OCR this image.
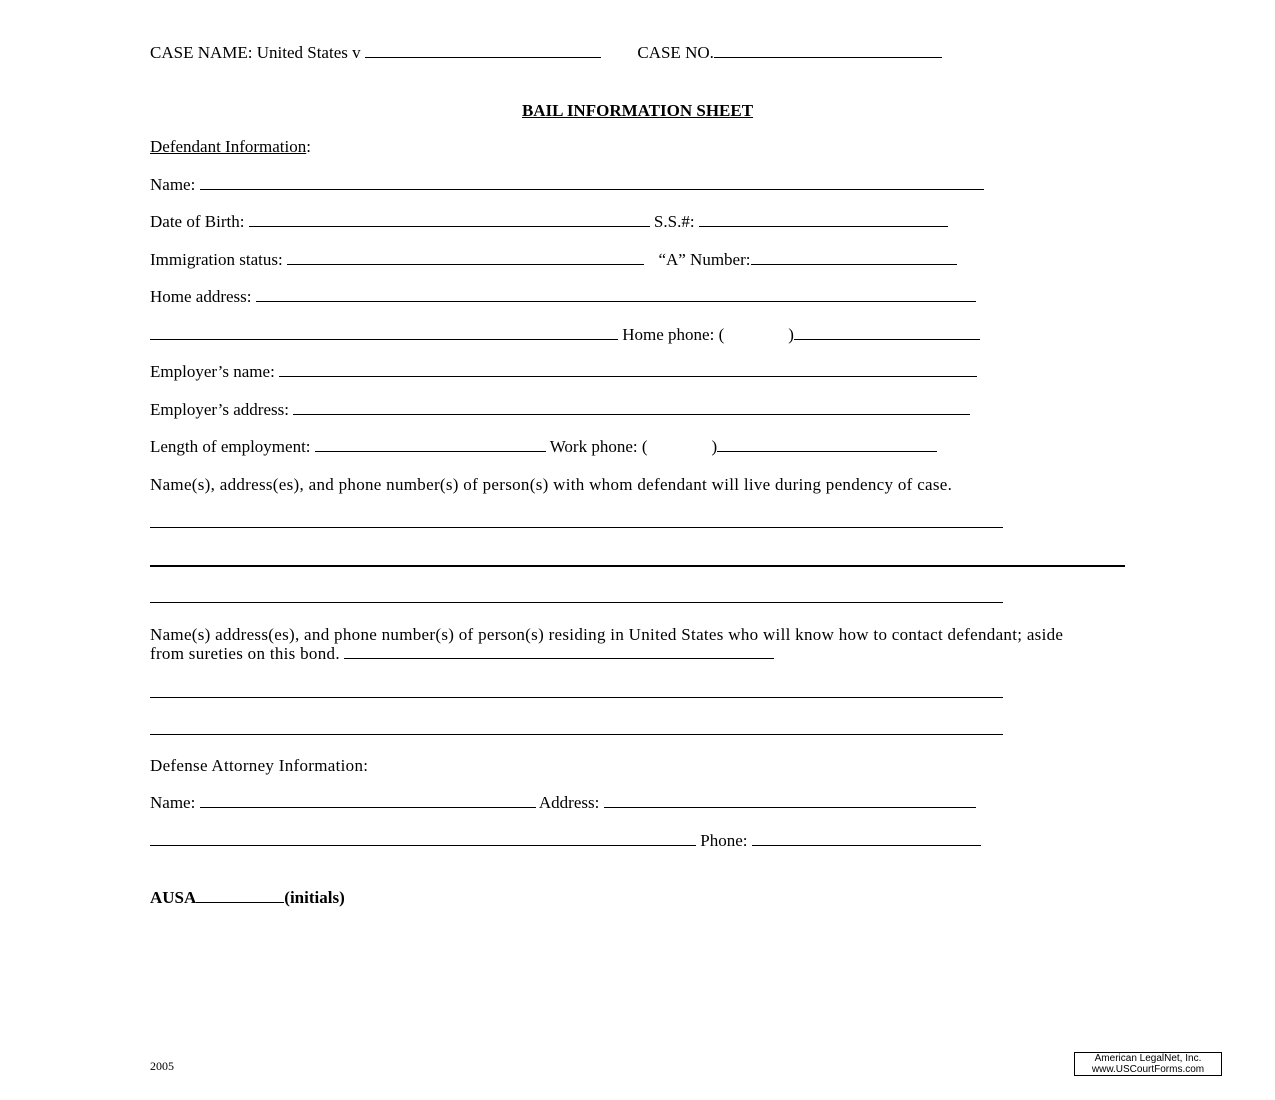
CASE NAME: United States v	CASE NO.
BAIL INFORMATION SHEET
Defendant Information:
Name:
Date of Birth:	S.S.#:
Immigration status:	“A” Number:
Home address:
Home phone: (	)
Employer’s name:
Employer’s address:
Length of employment:	Work phone: (	)
Name(s), address(es), and phone number(s) of person(s) with whom defendant will live during pendency of case.
Name(s) address(es), and phone number(s) of person(s) residing in United States who will know how to contact defendant; aside from sureties on this bond.
Defense Attorney Information:
Name:	Address:
Phone:
AUSA	(initials)
2005
American LegalNet, Inc.
www.USCourtForms.com
